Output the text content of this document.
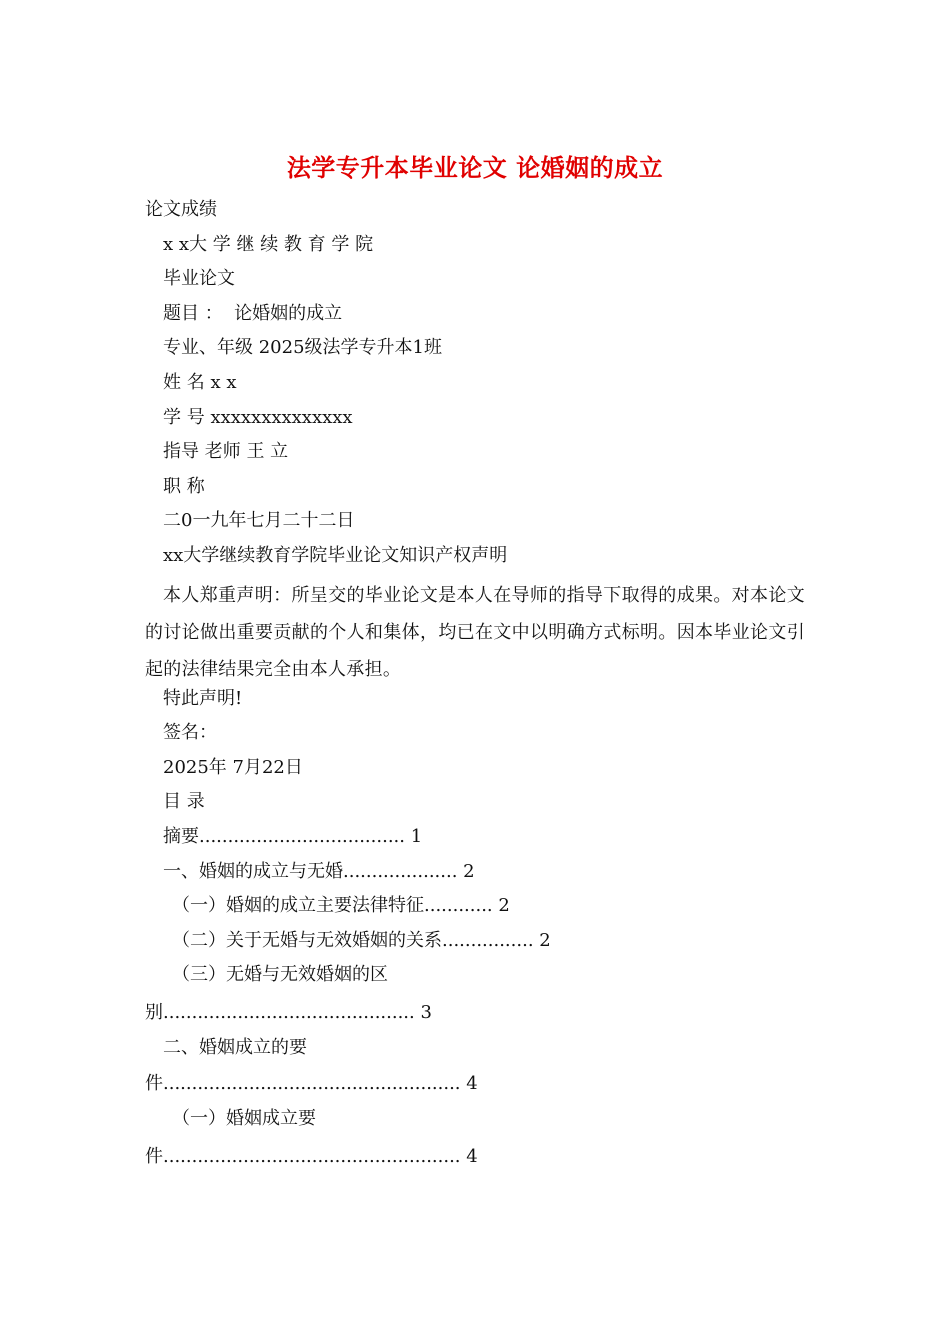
法学专升本毕业论文 论婚姻的成立
论文成绩
x x大 学 继 续 教 育 学 院
毕业论文
题目 ：  论婚姻的成立
专业、年级 2025级法学专升本1班
姓 名 x x
学 号 xxxxxxxxxxxxxx
指导 老师 王 立
职 称
二0一九年七月二十二日
xx大学继续教育学院毕业论文知识产权声明
本人郑重声明：所呈交的毕业论文是本人在导师的指导下取得的成果。对本论文的讨论做出重要贡献的个人和集体，均已在文中以明确方式标明。因本毕业论文引起的法律结果完全由本人承担。
特此声明!
签名：
2025年 7月22日
目 录
摘要.................................... 1
一、婚姻的成立与无婚.................... 2
（一）婚姻的成立主要法律特征............ 2
（二）关于无婚与无效婚姻的关系................ 2
（三）无婚与无效婚姻的区
别............................................ 3
二、婚姻成立的要
件.................................................... 4
（一）婚姻成立要
件.................................................... 4
